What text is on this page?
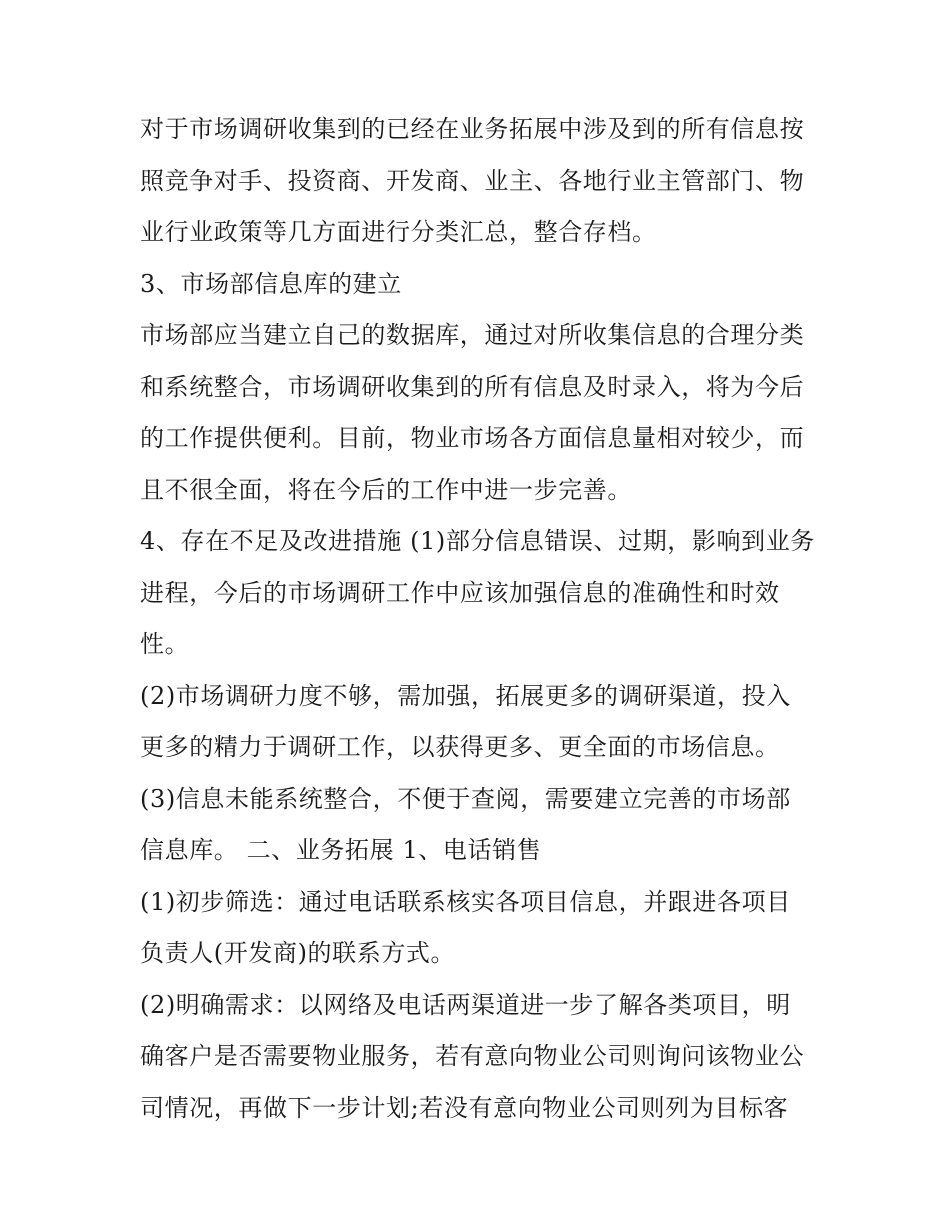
对于市场调研收集到的已经在业务拓展中涉及到的所有信息按
照竞争对手、投资商、开发商、业主、各地行业主管部门、物
业行业政策等几方面进行分类汇总，整合存档。
3、市场部信息库的建立
市场部应当建立自己的数据库，通过对所收集信息的合理分类
和系统整合，市场调研收集到的所有信息及时录入，将为今后
的工作提供便利。目前，物业市场各方面信息量相对较少，而
且不很全面，将在今后的工作中进一步完善。
4、存在不足及改进措施 (1)部分信息错误、过期，影响到业务
进程，今后的市场调研工作中应该加强信息的准确性和时效
性。
(2)市场调研力度不够，需加强，拓展更多的调研渠道，投入
更多的精力于调研工作，以获得更多、更全面的市场信息。
(3)信息未能系统整合，不便于查阅，需要建立完善的市场部
信息库。 二、业务拓展 1、电话销售
(1)初步筛选：通过电话联系核实各项目信息，并跟进各项目
负责人(开发商)的联系方式。
(2)明确需求：以网络及电话两渠道进一步了解各类项目，明
确客户是否需要物业服务，若有意向物业公司则询问该物业公
司情况，再做下一步计划;若没有意向物业公司则列为目标客
